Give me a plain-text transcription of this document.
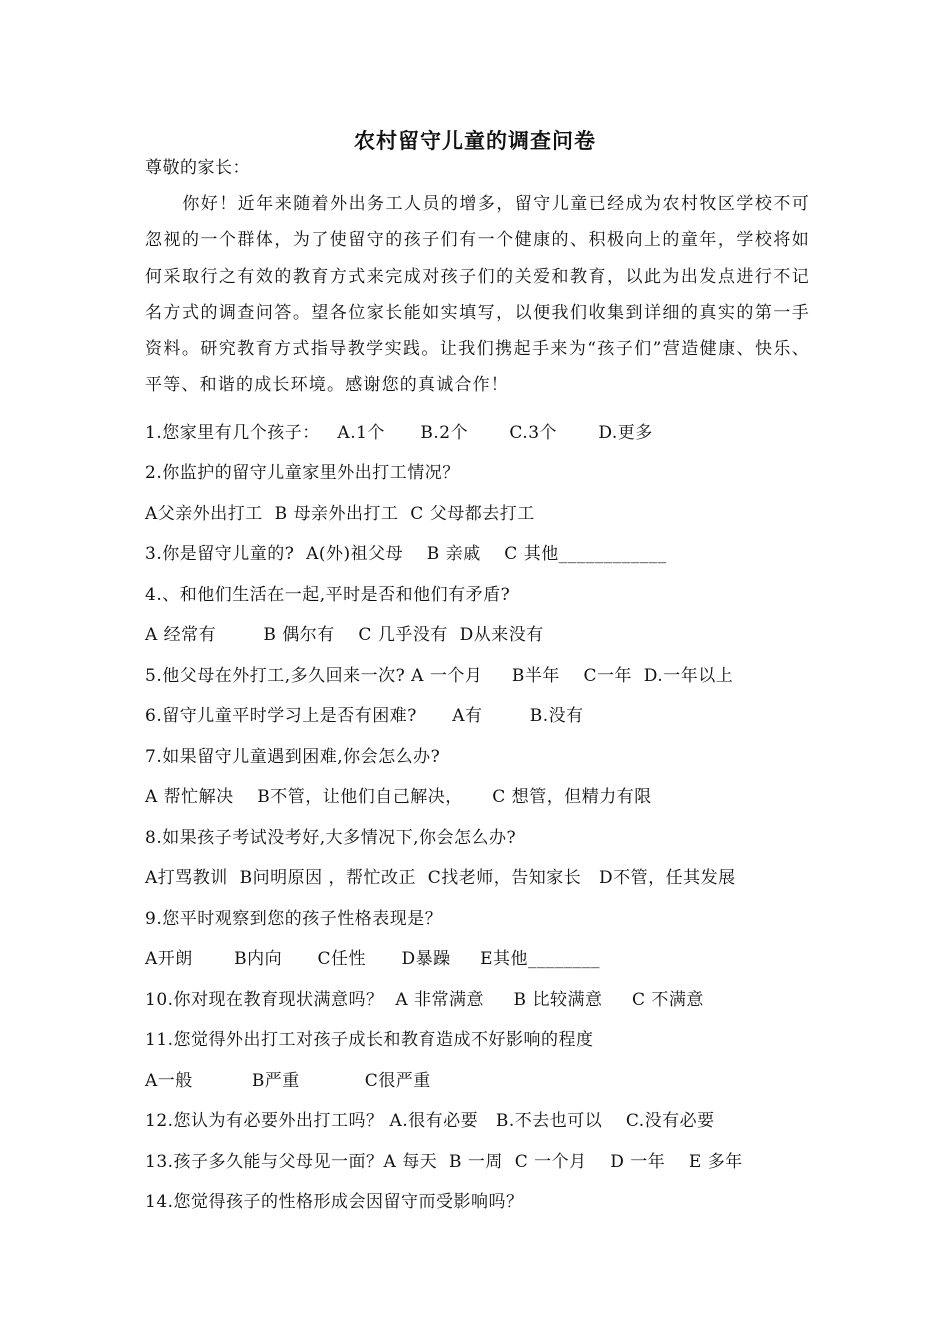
农村留守儿童的调查问卷
尊敬的家长：
你好！近年来随着外出务工人员的增多，留守儿童已经成为农村牧区学校不可忽视的一个群体，为了使留守的孩子们有一个健康的、积极向上的童年，学校将如何采取行之有效的教育方式来完成对孩子们的关爱和教育，以此为出发点进行不记名方式的调查问答。望各位家长能如实填写，以便我们收集到详细的真实的第一手资料。研究教育方式指导教学实践。让我们携起手来为“孩子们”营造健康、快乐、平等、和谐的成长环境。感谢您的真诚合作！
1.您家里有几个孩子：   A.1个      B.2个       C.3个       D.更多
2.你监护的留守儿童家里外出打工情况？
A父亲外出打工  B 母亲外出打工  C 父母都去打工
3.你是留守儿童的?  A(外)祖父母    B 亲戚    C 其他____________
4.、和他们生活在一起,平时是否和他们有矛盾?
A 经常有        B 偶尔有    C 几乎没有  D从来没有
5.他父母在外打工,多久回来一次? A 一个月     B半年    C一年  D.一年以上
6.留守儿童平时学习上是否有困难?      A有        B.没有
7.如果留守儿童遇到困难,你会怎么办?
A 帮忙解决    B不管，让他们自己解决，     C 想管，但精力有限
8.如果孩子考试没考好,大多情况下,你会怎么办?
A打骂教训  B问明原因 ，帮忙改正  C找老师，告知家长   D不管，任其发展
9.您平时观察到您的孩子性格表现是？
A开朗       B内向      C任性      D暴躁     E其他________
10.你对现在教育现状满意吗？  A 非常满意     B 比较满意     C 不满意
11.您觉得外出打工对孩子成长和教育造成不好影响的程度
A一般          B严重           C很严重
12.您认为有必要外出打工吗？ A.很有必要   B.不去也可以    C.没有必要
13.孩子多久能与父母见一面？A 每天  B 一周  C 一个月    D 一年    E 多年
14.您觉得孩子的性格形成会因留守而受影响吗？
